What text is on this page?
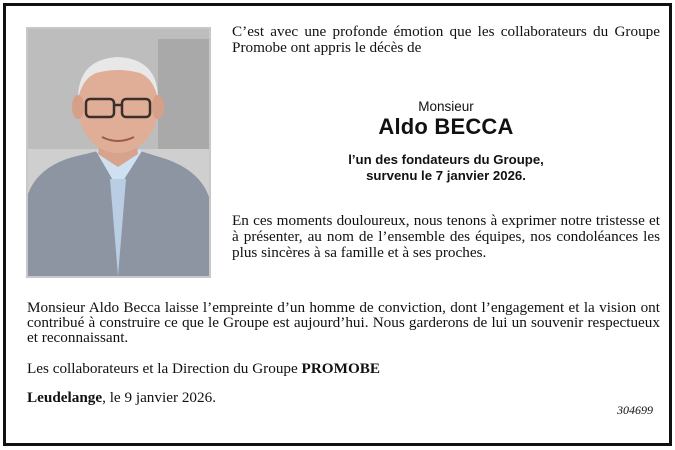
C’est avec une profonde émotion que les collaborateurs du Groupe Promobe ont appris le décès de
Monsieur
Aldo BECCA
l’un des fondateurs du Groupe,
survenu le 7 janvier 2026.
En ces moments douloureux, nous tenons à exprimer notre tristesse et à présenter, au nom de l’ensemble des équipes, nos condoléances les plus sincères à sa famille et à ses proches.
Monsieur Aldo Becca laisse l’empreinte d’un homme de conviction, dont l’engagement et la vision ont contribué à construire ce que le Groupe est aujourd’hui. Nous garderons de lui un souvenir respectueux et reconnaissant.
Les collaborateurs et la Direction du Groupe PROMOBE
Leudelange, le 9 janvier 2026.
304699
